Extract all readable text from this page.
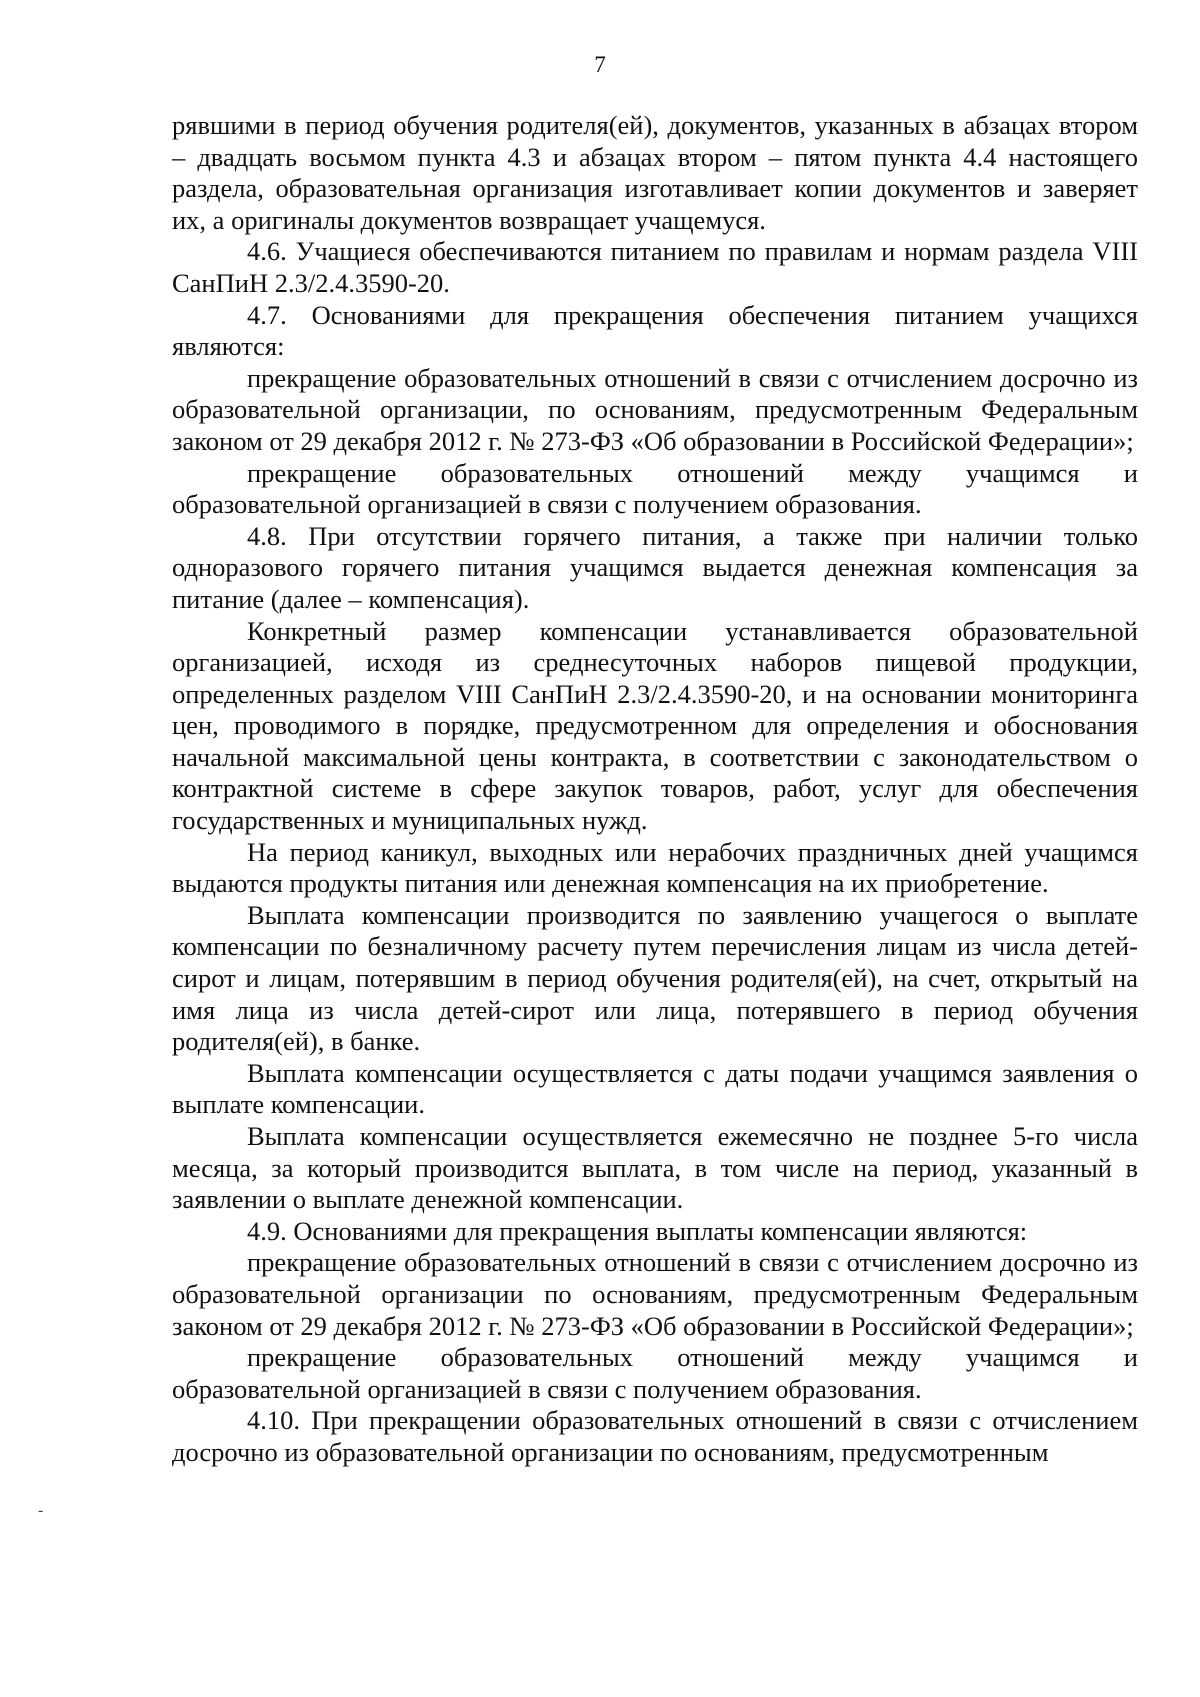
7

рявшими в период обучения родителя(ей), документов, указанных в абзацах втором – двадцать восьмом пункта 4.3 и абзацах втором – пятом пункта 4.4 настоящего раздела, образовательная организация изготавливает копии документов и заверяет их, а оригиналы документов возвращает учащемуся.

4.6. Учащиеся обеспечиваются питанием по правилам и нормам раздела VIII СанПиН 2.3/2.4.3590-20.

4.7. Основаниями для прекращения обеспечения питанием учащихся являются:

прекращение образовательных отношений в связи с отчислением досрочно из образовательной организации, по основаниям, предусмотренным Федеральным законом от 29 декабря 2012 г. № 273-ФЗ «Об образовании в Российской Федерации»;

прекращение образовательных отношений между учащимся и образовательной организацией в связи с получением образования.

4.8. При отсутствии горячего питания, а также при наличии только одноразового горячего питания учащимся выдается денежная компенсация за питание (далее – компенсация).

Конкретный размер компенсации устанавливается образовательной организацией, исходя из среднесуточных наборов пищевой продукции, определенных разделом VIII СанПиН 2.3/2.4.3590-20, и на основании мониторинга цен, проводимого в порядке, предусмотренном для определения и обоснования начальной максимальной цены контракта, в соответствии с законодательством о контрактной системе в сфере закупок товаров, работ, услуг для обеспечения государственных и муниципальных нужд.

На период каникул, выходных или нерабочих праздничных дней учащимся выдаются продукты питания или денежная компенсация на их приобретение.

Выплата компенсации производится по заявлению учащегося о выплате компенсации по безналичному расчету путем перечисления лицам из числа детей-сирот и лицам, потерявшим в период обучения родителя(ей), на счет, открытый на имя лица из числа детей-сирот или лица, потерявшего в период обучения родителя(ей), в банке.

Выплата компенсации осуществляется с даты подачи учащимся заявления о выплате компенсации.

Выплата компенсации осуществляется ежемесячно не позднее 5-го числа месяца, за который производится выплата, в том числе на период, указанный в заявлении о выплате денежной компенсации.

4.9. Основаниями для прекращения выплаты компенсации являются:

прекращение образовательных отношений в связи с отчислением досрочно из образовательной организации по основаниям, предусмотренным Федеральным законом от 29 декабря 2012 г. № 273-ФЗ «Об образовании в Российской Федерации»;

прекращение образовательных отношений между учащимся и образовательной организацией в связи с получением образования.

4.10. При прекращении образовательных отношений в связи с отчислением досрочно из образовательной организации по основаниям, предусмотренным

-
